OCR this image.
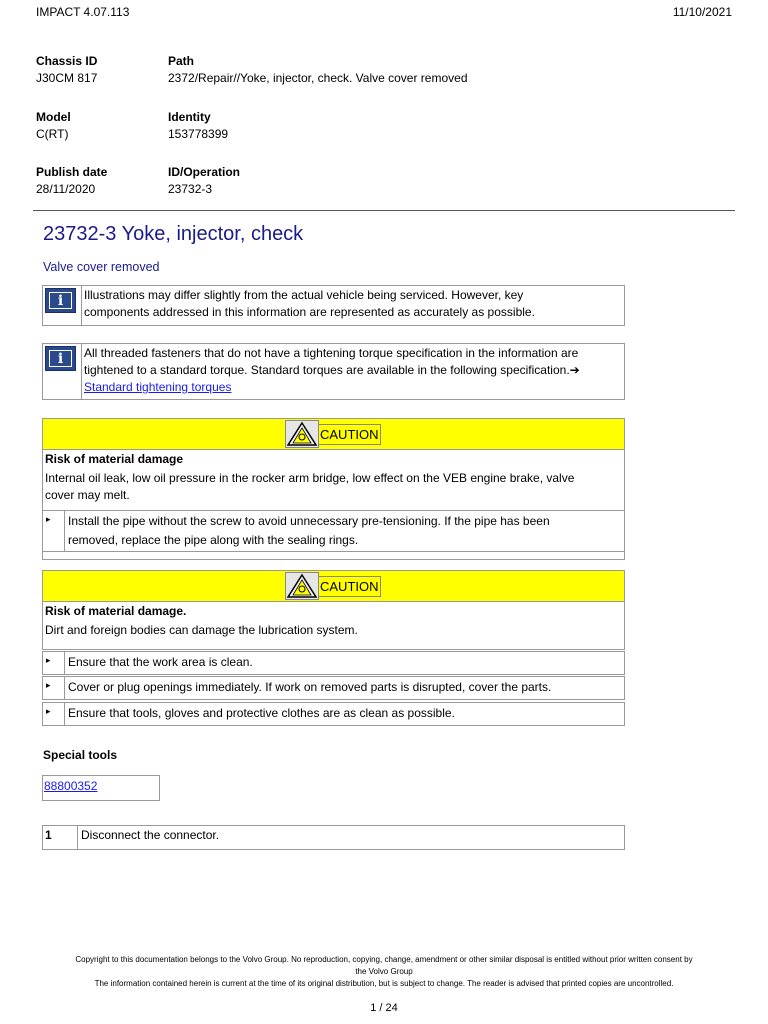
IMPACT 4.07.113	11/10/2021
Chassis ID
J30CM 817
Path
2372/Repair//Yoke, injector, check. Valve cover removed
Model
C(RT)
Identity
153778399
Publish date
28/11/2020
ID/Operation
23732-3
23732-3 Yoke, injector, check
Valve cover removed
i	Illustrations may differ slightly from the actual vehicle being serviced. However, key
components addressed in this information are represented as accurately as possible.
i	All threaded fasteners that do not have a tightening torque specification in the information are
tightened to a standard torque. Standard torques are available in the following specification.➔
Standard tightening torques
CAUTION
Risk of material damage
Internal oil leak, low oil pressure in the rocker arm bridge, low effect on the VEB engine brake, valve
cover may melt.
▸	Install the pipe without the screw to avoid unnecessary pre-tensioning. If the pipe has been
removed, replace the pipe along with the sealing rings.
CAUTION
Risk of material damage.
Dirt and foreign bodies can damage the lubrication system.
▸	Ensure that the work area is clean.
▸	Cover or plug openings immediately. If work on removed parts is disrupted, cover the parts.
▸	Ensure that tools, gloves and protective clothes are as clean as possible.
Special tools
88800352
1	Disconnect the connector.
Copyright to this documentation belongs to the Volvo Group. No reproduction, copying, change, amendment or other similar disposal is entitled without prior written consent by
the Volvo Group
The information contained herein is current at the time of its original distribution, but is subject to change. The reader is advised that printed copies are uncontrolled.
1 / 24
